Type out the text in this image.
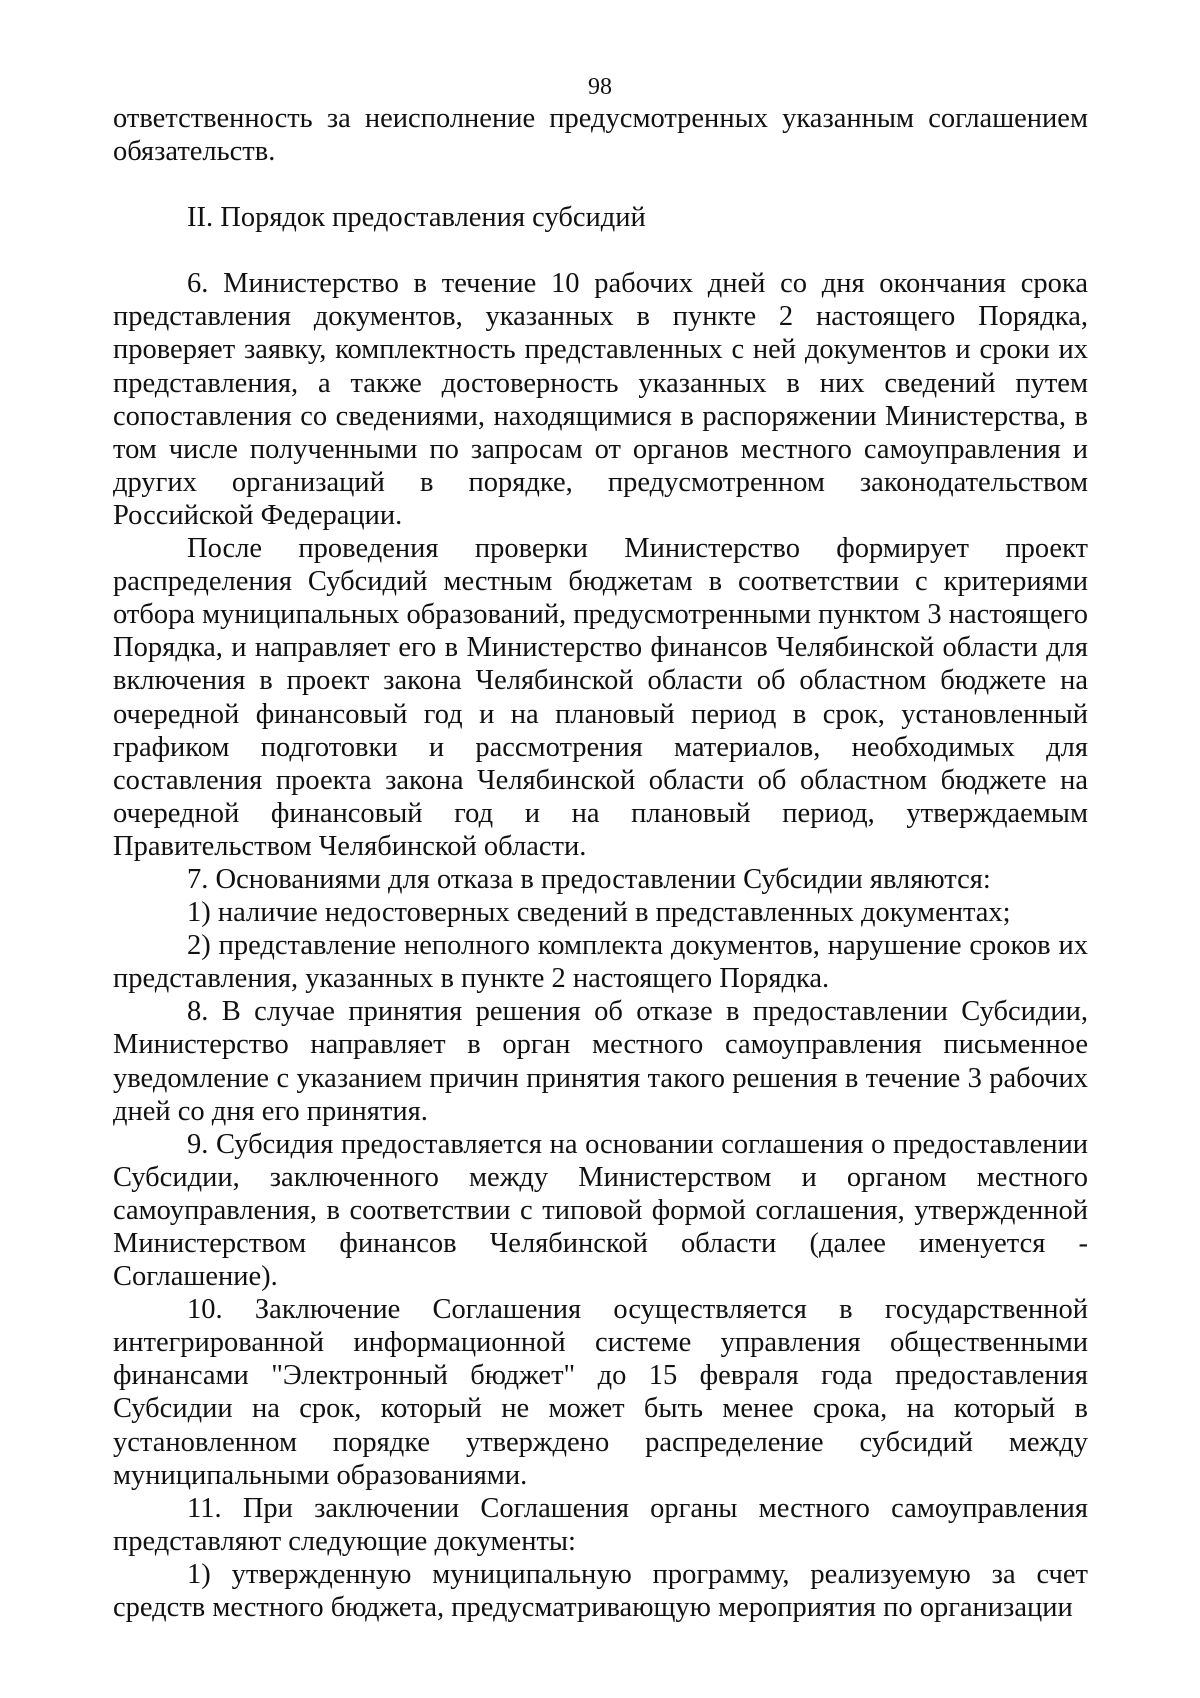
98

ответственность за неисполнение предусмотренных указанным соглашением обязательств.

II. Порядок предоставления субсидий

6. Министерство в течение 10 рабочих дней со дня окончания срока представления документов, указанных в пункте 2 настоящего Порядка, проверяет заявку, комплектность представленных с ней документов и сроки их представления, а также достоверность указанных в них сведений путем сопоставления со сведениями, находящимися в распоряжении Министерства, в том числе полученными по запросам от органов местного самоуправления и других организаций в порядке, предусмотренном законодательством Российской Федерации.

После проведения проверки Министерство формирует проект распределения Субсидий местным бюджетам в соответствии с критериями отбора муниципальных образований, предусмотренными пунктом 3 настоящего Порядка, и направляет его в Министерство финансов Челябинской области для включения в проект закона Челябинской области об областном бюджете на очередной финансовый год и на плановый период в срок, установленный графиком подготовки и рассмотрения материалов, необходимых для составления проекта закона Челябинской области об областном бюджете на очередной финансовый год и на плановый период, утверждаемым Правительством Челябинской области.

7. Основаниями для отказа в предоставлении Субсидии являются:

1) наличие недостоверных сведений в представленных документах;

2) представление неполного комплекта документов, нарушение сроков их представления, указанных в пункте 2 настоящего Порядка.

8. В случае принятия решения об отказе в предоставлении Субсидии, Министерство направляет в орган местного самоуправления письменное уведомление с указанием причин принятия такого решения в течение 3 рабочих дней со дня его принятия.

9. Субсидия предоставляется на основании соглашения о предоставлении Субсидии, заключенного между Министерством и органом местного самоуправления, в соответствии с типовой формой соглашения, утвержденной Министерством финансов Челябинской области (далее именуется - Соглашение).

10. Заключение Соглашения осуществляется в государственной интегрированной информационной системе управления общественными финансами "Электронный бюджет" до 15 февраля года предоставления Субсидии на срок, который не может быть менее срока, на который в установленном порядке утверждено распределение субсидий между муниципальными образованиями.

11. При заключении Соглашения органы местного самоуправления представляют следующие документы:

1) утвержденную муниципальную программу, реализуемую за счет средств местного бюджета, предусматривающую мероприятия по организации
